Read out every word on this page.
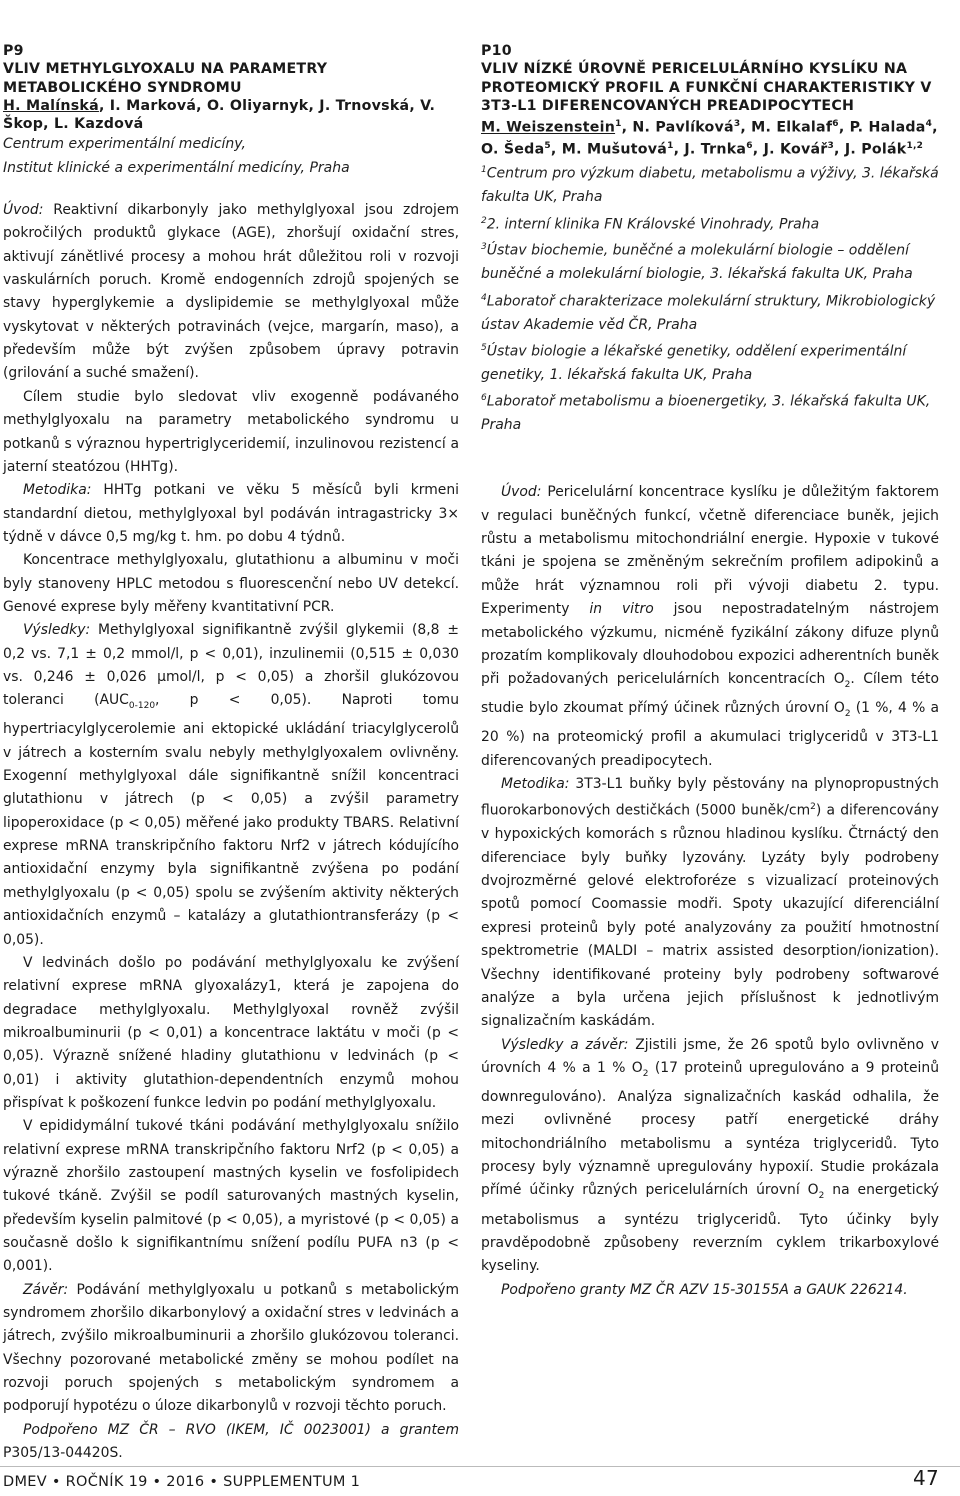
P9
VLIV METHYLGLYOXALU NA PARAMETRY METABOLICKÉHO SYNDROMU
H. Malínská, I. Marková, O. Oliyarnyk, J. Trnovská, V. Škop, L. Kazdová
Centrum experimentální medicíny,
Institut klinické a experimentální medicíny, Praha

Úvod: Reaktivní dikarbonyly jako methylglyoxal jsou zdrojem pokročilých produktů glykace (AGE), zhoršují oxidační stres, aktivují zánětlivé procesy a mohou hrát důležitou roli v rozvoji vaskulárních poruch. Kromě endogenních zdrojů spojených se stavy hyperglykemie a dyslipidemie se methylglyoxal může vyskytovat v některých potravinách (vejce, margarín, maso), a především může být zvýšen způsobem úpravy potravin (grilování a suché smažení).

Cílem studie bylo sledovat vliv exogenně podávaného methylglyoxalu na parametry metabolického syndromu u potkanů s výraznou hypertriglyceridemií, inzulinovou rezistencí a jaterní steatózou (HHTg).

Metodika: HHTg potkani ve věku 5 měsíců byli krmeni standardní dietou, methylglyoxal byl podáván intragastricky 3× týdně v dávce 0,5 mg/kg t. hm. po dobu 4 týdnů.

Koncentrace methylglyoxalu, glutathionu a albuminu v moči byly stanoveny HPLC metodou s fluorescenční nebo UV detekcí. Genové exprese byly měřeny kvantitativní PCR.

Výsledky: Methylglyoxal signifikantně zvýšil glykemii (8,8 ± 0,2 vs. 7,1 ± 0,2 mmol/l, p < 0,01), inzulinemii (0,515 ± 0,030 vs. 0,246 ± 0,026 µmol/l, p < 0,05) a zhoršil glukózovou toleranci ($AUC_{0-120}$, p < 0,05). Naproti tomu hypertriacylglycerolemie ani ektopické ukládání triacylglycerolů v játrech a kosterním svalu nebyly methylglyoxalem ovlivněny. Exogenní methylglyoxal dále signifikantně snížil koncentraci glutathionu v játrech (p < 0,05) a zvýšil parametry lipoperoxidace (p < 0,05) měřené jako produkty TBARS. Relativní exprese mRNA transkripčního faktoru Nrf2 v játrech kódujícího antioxidační enzymy byla signifikantně zvýšena po podání methylglyoxalu (p < 0,05) spolu se zvýšením aktivity některých antioxidačních enzymů – katalázy a glutathiontransferázy (p < 0,05).

V ledvinách došlo po podávání methylglyoxalu ke zvýšení relativní exprese mRNA glyoxalázy1, která je zapojena do degradace methylglyoxalu. Methylglyoxal rovněž zvýšil mikroalbuminurii (p < 0,01) a koncentrace laktátu v moči (p < 0,05). Výrazně snížené hladiny glutathionu v ledvinách (p < 0,01) i aktivity glutathion-dependentních enzymů mohou přispívat k poškození funkce ledvin po podání methylglyoxalu.

V epididymální tukové tkáni podávání methylglyoxalu snížilo relativní exprese mRNA transkripčního faktoru Nrf2 (p < 0,05) a výrazně zhoršilo zastoupení mastných kyselin ve fosfolipidech tukové tkáně. Zvýšil se podíl saturovaných mastných kyselin, především kyselin palmitové (p < 0,05), a myristové (p < 0,05) a současně došlo k signifikantnímu snížení podílu PUFA n3 (p < 0,001).

Závěr: Podávání methylglyoxalu u potkanů s metabolickým syndromem zhoršilo dikarbonylový a oxidační stres v ledvinách a játrech, zvýšilo mikroalbuminurii a zhoršilo glukózovou toleranci. Všechny pozorované metabolické změny se mohou podílet na rozvoji poruch spojených s metabolickým syndromem a podporují hypotézu o úloze dikarbonylů v rozvoji těchto poruch.

Podpořeno MZ ČR – RVO (IKEM, IČ 0023001) a grantem P305/13-04420S.

P10
VLIV NÍZKÉ ÚROVNĚ PERICELULÁRNÍHO KYSLÍKU NA PROTEOMICKÝ PROFIL A FUNKČNÍ CHARAKTERISTIKY V 3T3-L1 DIFERENCOVANÝCH PREADIPOCYTECH
M. Weiszenstein$^1$, N. Pavlíková$^3$, M. Elkalaf$^6$, P. Halada$^4$, O. Šeda$^5$, M. Mušutová$^1$, J. Trnka$^6$, J. Kovář$^3$, J. Polák$^{1,2}$
$^1$Centrum pro výzkum diabetu, metabolismu a výživy, 3. lékařská fakulta UK, Praha
$^2$2. interní klinika FN Královské Vinohrady, Praha
$^3$Ústav biochemie, buněčné a molekulární biologie – oddělení buněčné a molekulární biologie, 3. lékařská fakulta UK, Praha
$^4$Laboratoř charakterizace molekulární struktury, Mikrobiologický ústav Akademie věd ČR, Praha
$^5$Ústav biologie a lékařské genetiky, oddělení experimentální genetiky, 1. lékařská fakulta UK, Praha
$^6$Laboratoř metabolismu a bioenergetiky, 3. lékařská fakulta UK, Praha

Úvod: Pericelulární koncentrace kyslíku je důležitým faktorem v regulaci buněčných funkcí, včetně diferenciace buněk, jejich růstu a metabolismu mitochondriální energie. Hypoxie v tukové tkáni je spojena se změněným sekrečním profilem adipokinů a může hrát významnou roli při vývoji diabetu 2. typu. Experimenty in vitro jsou nepostradatelným nástrojem metabolického výzkumu, nicméně fyzikální zákony difuze plynů prozatím komplikovaly dlouhodobou expozici adherentních buněk při požadovaných pericelulárních koncentracích $O_2$. Cílem této studie bylo zkoumat přímý účinek různých úrovní $O_2$ (1 %, 4 % a 20 %) na proteomický profil a akumulaci triglyceridů v 3T3-L1 diferencovaných preadipocytech.

Metodika: 3T3-L1 buňky byly pěstovány na plynopropustných fluorokarbonových destičkách (5000 buněk/$cm^2$) a diferencovány v hypoxických komorách s různou hladinou kyslíku. Čtrnáctý den diferenciace byly buňky lyzovány. Lyzáty byly podrobeny dvojrozměrné gelové elektroforéze s vizualizací proteinových spotů pomocí Coomassie modři. Spoty ukazující diferenciální expresi proteinů byly poté analyzovány za použití hmotnostní spektrometrie (MALDI – matrix assisted desorption/ionization). Všechny identifikované proteiny byly podrobeny softwarové analýze a byla určena jejich příslušnost k jednotlivým signalizačním kaskádám.

Výsledky a závěr: Zjistili jsme, že 26 spotů bylo ovlivněno v úrovních 4 % a 1 % $O_2$ (17 proteinů upregulováno a 9 proteinů downregulováno). Analýza signalizačních kaskád odhalila, že mezi ovlivněné procesy patří energetické dráhy mitochondriálního metabolismu a syntéza triglyceridů. Tyto procesy byly významně upregulovány hypoxií. Studie prokázala přímé účinky různých pericelulárních úrovní $O_2$ na energetický metabolismus a syntézu triglyceridů. Tyto účinky byly pravděpodobně způsobeny reverzním cyklem trikarboxylové kyseliny.

Podpořeno granty MZ ČR AZV 15-30155A a GAUK 226214.

DMEV • ROČNÍK 19 • 2016 • SUPPLEMENTUM 1	47
